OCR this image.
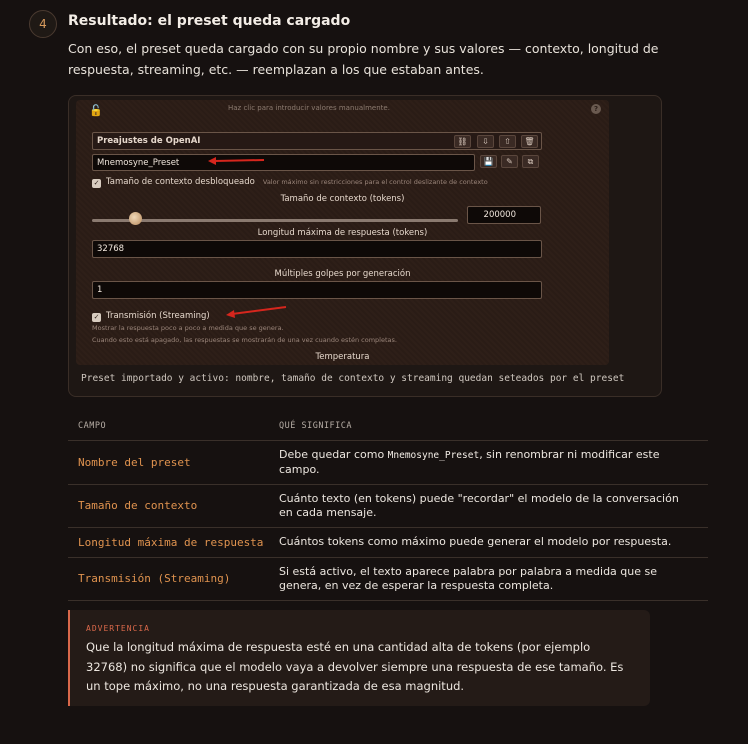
4	Resultado: el preset queda cargado

Con eso, el preset queda cargado con su propio nombre y sus valores — contexto, longitud de respuesta, streaming, etc. — reemplazan a los que estaban antes.

🔓	Haz clic para introducir valores manualmente.	?
Preajustes de OpenAI	⛓	⇩	⇧	🗑
Mnemosyne_Preset	💾	✎	⧉
✓ Tamaño de contexto desbloqueado Valor máximo sin restricciones para el control deslizante de contexto
Tamaño de contexto (tokens)
200000
Longitud máxima de respuesta (tokens)
32768
Múltiples golpes por generación
1
✓ Transmisión (Streaming)
Mostrar la respuesta poco a poco a medida que se genera.
Cuando esto está apagado, las respuestas se mostrarán de una vez cuando estén completas.
Temperatura
Preset importado y activo: nombre, tamaño de contexto y streaming quedan seteados por el preset
CAMPO	QUÉ SIGNIFICA
Nombre del preset	Debe quedar como Mnemosyne_Preset, sin renombrar ni modificar este campo.
Tamaño de contexto	Cuánto texto (en tokens) puede "recordar" el modelo de la conversación en cada mensaje.
Longitud máxima de respuesta	Cuántos tokens como máximo puede generar el modelo por respuesta.
Transmisión (Streaming)	Si está activo, el texto aparece palabra por palabra a medida que se genera, en vez de esperar la respuesta completa.
ADVERTENCIA

Que la longitud máxima de respuesta esté en una cantidad alta de tokens (por ejemplo 32768) no significa que el modelo vaya a devolver siempre una respuesta de ese tamaño. Es un tope máximo, no una respuesta garantizada de esa magnitud.
